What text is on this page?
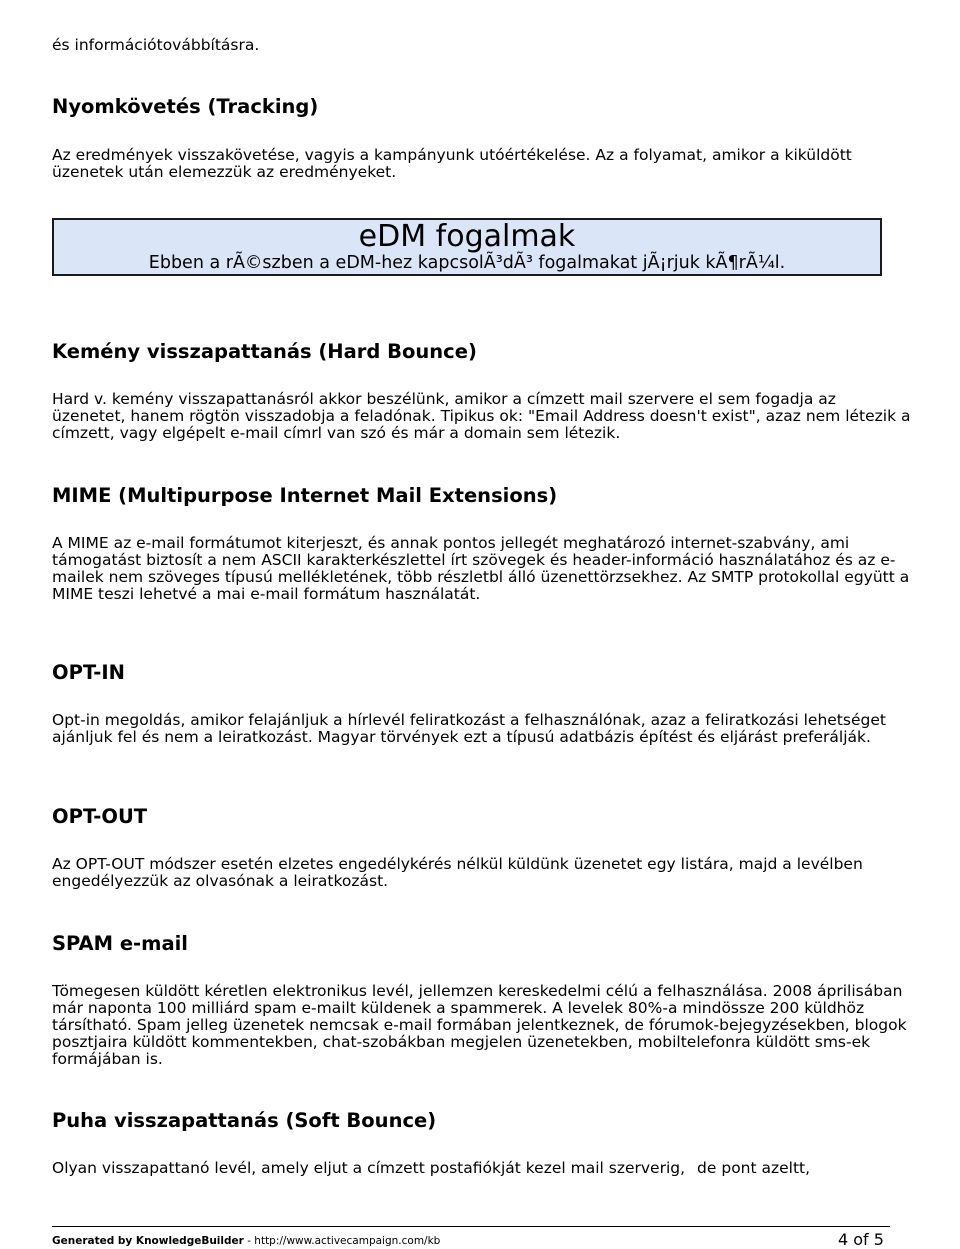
és információtovábbításra.

Nyomkövetés (Tracking)

Az eredmények visszakövetése, vagyis a kampányunk utóértékelése. Az a folyamat, amikor a kiküldött üzenetek után elemezzük az eredményeket.

Kemény visszapattanás (Hard Bounce)

Hard v. kemény visszapattanásról akkor beszélünk, amikor a címzett mail szervere el sem fogadja az üzenetet, hanem rögtön visszadobja a feladónak. Tipikus ok: "Email Address doesn't exist", azaz nem létezik a címzett, vagy elgépelt e-mail címrl van szó és már a domain sem létezik.

MIME (Multipurpose Internet Mail Extensions)

A MIME az e-mail formátumot kiterjeszt, és annak pontos jellegét meghatározó internet-szabvány, ami támogatást biztosít a nem ASCII karakterkészlettel írt szövegek és header-információ használatához és az e-mailek nem szöveges típusú mellékletének, több részletbl álló üzenettörzsekhez. Az SMTP protokollal együtt a MIME teszi lehetvé a mai e-mail formátum használatát.

OPT-IN

Opt-in megoldás, amikor felajánljuk a hírlevél feliratkozást a felhasználónak, azaz a feliratkozási lehetséget ajánljuk fel és nem a leiratkozást. Magyar törvények ezt a típusú adatbázis építést és eljárást preferálják.

OPT-OUT

Az OPT-OUT módszer esetén elzetes engedélykérés nélkül küldünk üzenetet egy listára, majd a levélben engedélyezzük az olvasónak a leiratkozást.

SPAM e-mail

Tömegesen küldött kéretlen elektronikus levél, jellemzen kereskedelmi célú a felhasználása. 2008 áprilisában már naponta 100 milliárd spam e-mailt küldenek a spammerek. A levelek 80%-a mindössze 200 küldhöz társítható. Spam jelleg üzenetek nemcsak e-mail formában jelentkeznek, de fórumok-bejegyzésekben, blogok posztjaira küldött kommentekben, chat-szobákban megjelen üzenetekben, mobiltelefonra küldött sms-ek formájában is.

Puha visszapattanás (Soft Bounce)

Olyan visszapattanó levél, amely eljut a címzett postafiókját kezel mail szerverig, de pont azeltt,

eDM fogalmak
Ebben a rÃ©szben a eDM-hez kapcsolÃ³dÃ³ fogalmakat jÃ¡rjuk kÃ¶rÃ¼l.
Generated by KnowledgeBuilder - http://www.activecampaign.com/kb	4 of 5
